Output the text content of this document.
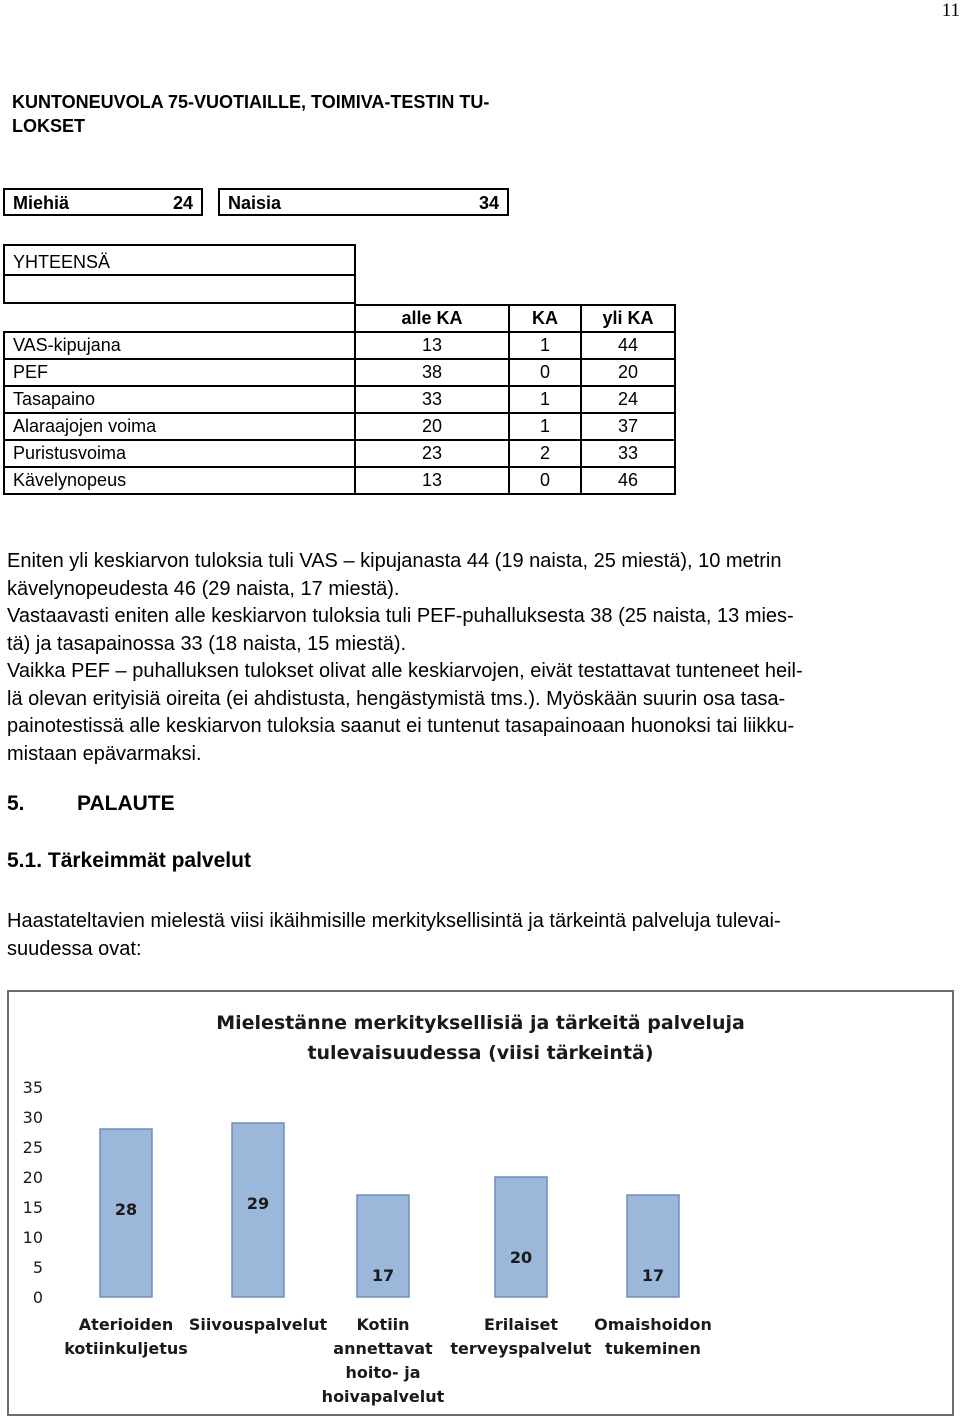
11
KUNTONEUVOLA 75-VUOTIAILLE, TOIMIVA-TESTIN TU-
LOKSET
Miehiä	24 Naisia	34
YHTEENSÄ
	alle KA	KA	yli KA
VAS-kipujana	13	1	44
PEF	38	0	20
Tasapaino	33	1	24
Alaraajojen voima	20	1	37
Puristusvoima	23	2	33
Kävelynopeus	13	0	46
Eniten yli keskiarvon tuloksia tuli VAS – kipujanasta 44 (19 naista, 25 miestä), 10 metrin
kävelynopeudesta 46 (29 naista, 17 miestä).
Vastaavasti eniten alle keskiarvon tuloksia tuli PEF-puhalluksesta 38 (25 naista, 13 mies-
tä) ja tasapainossa 33 (18 naista, 15 miestä).
Vaikka PEF – puhalluksen tulokset olivat alle keskiarvojen, eivät testattavat tunteneet heil-
lä olevan erityisiä oireita (ei ahdistusta, hengästymistä tms.). Myöskään suurin osa tasa-
painotestissä alle keskiarvon tuloksia saanut ei tuntenut tasapainoaan huonoksi tai liikku-
mistaan epävarmaksi.
5. PALAUTE
5.1. Tärkeimmät palvelut
Haastateltavien mielestä viisi ikäihmisille merkityksellisintä ja tärkeintä palveluja tulevai-
suudessa ovat:
Mielestänne merkityksellisiä ja tärkeitä palveluja
tulevaisuudessa (viisi tärkeintä)
0
5
10
15
20
25
30
35
28
Aterioiden
kotiinkuljetus
29
Siivouspalvelut
17
Kotiin
annettavat
hoito- ja
hoivapalvelut
20
Erilaiset
terveyspalvelut
17
Omaishoidon
tukeminen
